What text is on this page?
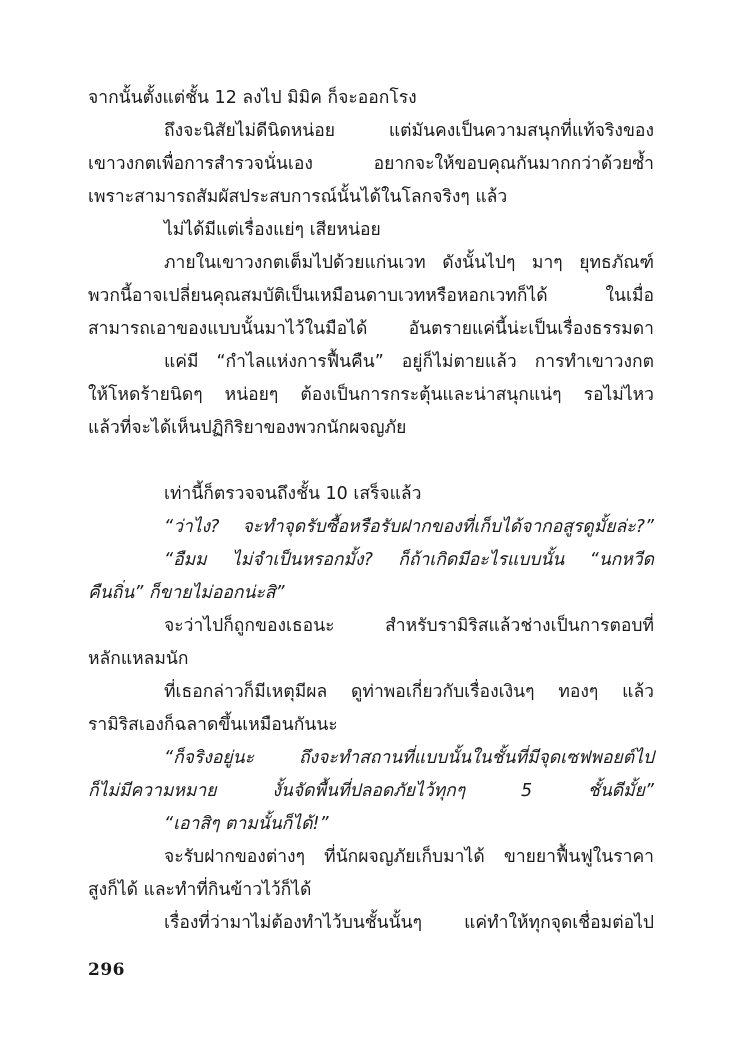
จากนั้นตั้งแต่ชั้น 12 ลงไป มิมิค ก็จะออกโรง
ถึงจะนิสัยไม่ดีนิดหน่อย แต่มันคงเป็นความสนุกที่แท้จริงของ
เขาวงกตเพื่อการสำรวจนั่นเอง อยากจะให้ขอบคุณกันมากกว่าด้วยซ้ำ
เพราะสามารถสัมผัสประสบการณ์นั้นได้ในโลกจริงๆ แล้ว
ไม่ได้มีแต่เรื่องแย่ๆ เสียหน่อย
ภายในเขาวงกตเต็มไปด้วยแก่นเวท ดังนั้นไปๆ มาๆ ยุทธภัณฑ์
พวกนี้อาจเปลี่ยนคุณสมบัติเป็นเหมือนดาบเวทหรือหอกเวทก็ได้ ในเมื่อ
สามารถเอาของแบบนั้นมาไว้ในมือได้ อันตรายแค่นี้น่ะเป็นเรื่องธรรมดา
แค่มี “กำไลแห่งการฟื้นคืน” อยู่ก็ไม่ตายแล้ว การทำเขาวงกต
ให้โหดร้ายนิดๆ หน่อยๆ ต้องเป็นการกระตุ้นและน่าสนุกแน่ๆ รอไม่ไหว
แล้วที่จะได้เห็นปฏิกิริยาของพวกนักผจญภัย
เท่านี้ก็ตรวจจนถึงชั้น 10 เสร็จแล้ว
“ว่าไง? จะทำจุดรับซื้อหรือรับฝากของที่เก็บได้จากอสูรดูมั้ยล่ะ?”
“อืมม ไม่จำเป็นหรอกมั้ง? ก็ถ้าเกิดมีอะไรแบบนั้น “นกหวีด
คืนถิ่น” ก็ขายไม่ออกน่ะสิ”
จะว่าไปก็ถูกของเธอนะ สำหรับรามิริสแล้วช่างเป็นการตอบที่
หลักแหลมนัก
ที่เธอกล่าวก็มีเหตุมีผล ดูท่าพอเกี่ยวกับเรื่องเงินๆ ทองๆ แล้ว
รามิริสเองก็ฉลาดขึ้นเหมือนกันนะ
“ก็จริงอยู่นะ ถึงจะทำสถานที่แบบนั้นในชั้นที่มีจุดเซฟพอยต์ไป
ก็ไม่มีความหมาย งั้นจัดพื้นที่ปลอดภัยไว้ทุกๆ 5 ชั้นดีมั้ย”
“เอาสิๆ ตามนั้นก็ได้!”
จะรับฝากของต่างๆ ที่นักผจญภัยเก็บมาได้ ขายยาฟื้นฟูในราคา
สูงก็ได้ และทำที่กินข้าวไว้ก็ได้
เรื่องที่ว่ามาไม่ต้องทำไว้บนชั้นนั้นๆ แค่ทำให้ทุกจุดเชื่อมต่อไป
296
